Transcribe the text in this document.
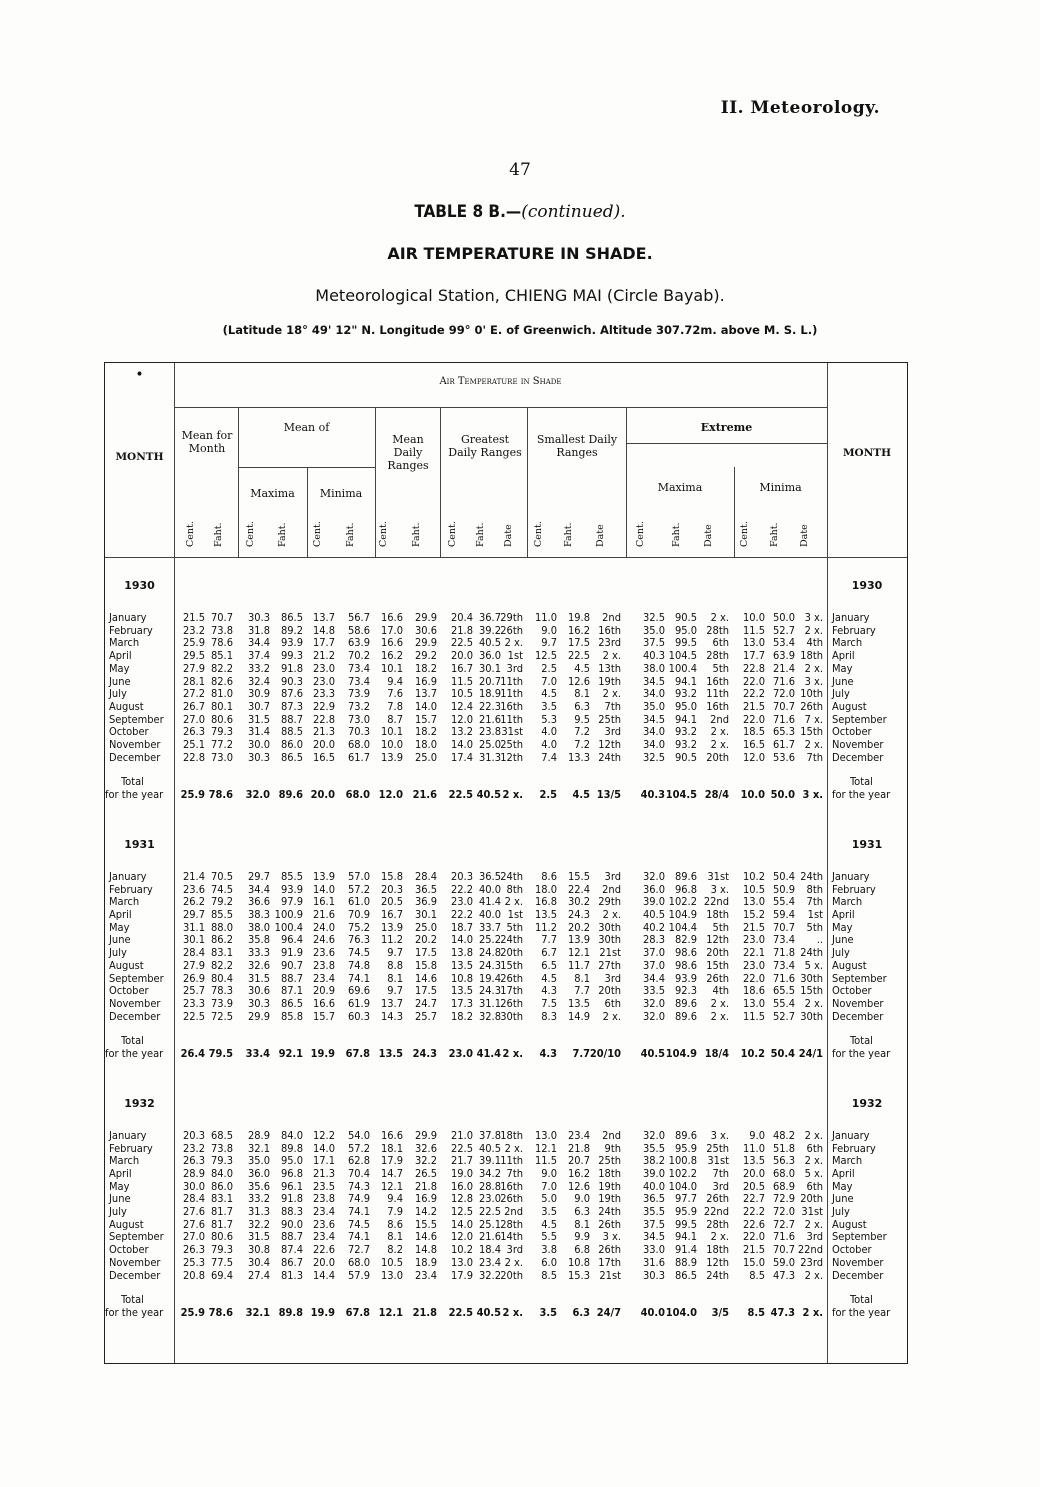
II. Meteorology.
47
TABLE 8 B.—(continued).
AIR TEMPERATURE IN SHADE.
Meteorological Station, CHIENG MAI (Circle Bayab).
(Latitude 18° 49' 12" N. Longitude 99° 0' E. of Greenwich. Altitude 307.72m. above M. S. L.)
•
MONTH	MONTH
Air Temperature in Shade
Mean for Month
Mean of
Maxima	Minima
Mean Daily Ranges
Greatest Daily Ranges
Smallest Daily Ranges
Extreme
Maxima	Minima
Cent. Faht. Cent. Faht.	Cent. Faht. Cent. Faht.	Cent. Faht. Date Cent. Faht. Date	Cent.	Faht. Date	Cent. Faht. Date
1930	1930
January	21.5 70.7 30.3 86.5 13.7 56.7 16.6 29.9 20.4 36.7 29th 11.0 19.8 2nd 32.5 90.5 2 x. 10.0 50.0 3 x. January
February	23.2 73.8 31.8 89.2 14.8 58.6 17.0 30.6 21.8 39.2 26th 9.0 16.2 16th 35.0 95.0 28th 11.5 52.7 2 x. February
March	25.9 78.6 34.4 93.9 17.7 63.9 16.6 29.9 22.5 40.5 2 x. 9.7 17.5 23rd 37.5 99.5 6th 13.0 53.4 4th March
April	29.5 85.1 37.4 99.3 21.2 70.2 16.2 29.2 20.0 36.0 1st 12.5 22.5 2 x. 40.3 104.5 28th 17.7 63.9 18th April
May	27.9 82.2 33.2 91.8 23.0 73.4 10.1 18.2 16.7 30.1 3rd 2.5 4.5 13th 38.0 100.4 5th 22.8 21.4 2 x. May
June	28.1 82.6 32.4 90.3 23.0 73.4 9.4 16.9 11.5 20.7 11th 7.0 12.6 19th 34.5 94.1 16th 22.0 71.6 3 x. June
July	27.2 81.0 30.9 87.6 23.3 73.9 7.6 13.7 10.5 18.9 11th 4.5 8.1 2 x. 34.0 93.2 11th 22.2 72.0 10th July
August	26.7 80.1 30.7 87.3 22.9 73.2 7.8 14.0 12.4 22.3 16th 3.5 6.3 7th 35.0 95.0 16th 21.5 70.7 26th August
September 27.0 80.6 31.5 88.7 22.8 73.0 8.7 15.7 12.0 21.6 11th 5.3 9.5 25th 34.5 94.1 2nd 22.0 71.6 7 x. September
October	26.3 79.3 31.4 88.5 21.3 70.3 10.1 18.2 13.2 23.8 31st 4.0 7.2 3rd 34.0 93.2 2 x. 18.5 65.3 15th October
November 25.1 77.2 30.0 86.0 20.0 68.0 10.0 18.0 14.0 25.0 25th 4.0 7.2 12th 34.0 93.2 2 x. 16.5 61.7 2 x. November
December 22.8 73.0 30.3 86.5 16.5 61.7 13.9 25.0 17.4 31.3 12th 7.4 13.3 24th 32.5 90.5 20th 12.0 53.6 7th December
Total	Total
for the year 25.9 78.6 32.0 89.6 20.0 68.0 12.0 21.6 22.5 40.5 2 x. 2.5 4.5 13/5 40.3 104.5 28/4 10.0 50.0 3 x. for the year
1931	1931
January	21.4 70.5 29.7 85.5 13.9 57.0 15.8 28.4 20.3 36.5 24th 8.6 15.5 3rd 32.0 89.6 31st 10.2 50.4 24th January
February	23.6 74.5 34.4 93.9 14.0 57.2 20.3 36.5 22.2 40.0 8th 18.0 22.4 2nd 36.0 96.8 3 x. 10.5 50.9 8th February
March	26.2 79.2 36.6 97.9 16.1 61.0 20.5 36.9 23.0 41.4 2 x. 16.8 30.2 29th 39.0 102.2 22nd 13.0 55.4 7th March
April	29.7 85.5 38.3 100.9 21.6 70.9 16.7 30.1 22.2 40.0 1st 13.5 24.3 2 x. 40.5 104.9 18th 15.2 59.4 1st April
May	31.1 88.0 38.0 100.4 24.0 75.2 13.9 25.0 18.7 33.7 5th 11.2 20.2 30th 40.2 104.4 5th 21.5 70.7 5th May
June	30.1 86.2 35.8 96.4 24.6 76.3 11.2 20.2 14.0 25.2 24th 7.7 13.9 30th 28.3 82.9 12th 23.0 73.4 .. June
July	28.4 83.1 33.3 91.9 23.6 74.5 9.7 17.5 13.8 24.8 20th 6.7 12.1 21st 37.0 98.6 20th 22.1 71.8 24th July
August	27.9 82.2 32.6 90.7 23.8 74.8 8.8 15.8 13.5 24.3 15th 6.5 11.7 27th 37.0 98.6 15th 23.0 73.4 5 x. August
September 26.9 80.4 31.5 88.7 23.4 74.1 8.1 14.6 10.8 19.4 26th 4.5 8.1 3rd 34.4 93.9 26th 22.0 71.6 30th September
October	25.7 78.3 30.6 87.1 20.9 69.6 9.7 17.5 13.5 24.3 17th 4.3 7.7 20th 33.5 92.3 4th 18.6 65.5 15th October
November 23.3 73.9 30.3 86.5 16.6 61.9 13.7 24.7 17.3 31.1 26th 7.5 13.5 6th 32.0 89.6 2 x. 13.0 55.4 2 x. November
December 22.5 72.5 29.9 85.8 15.7 60.3 14.3 25.7 18.2 32.8 30th 8.3 14.9 2 x. 32.0 89.6 2 x. 11.5 52.7 30th December
Total	Total
for the year 26.4 79.5 33.4 92.1 19.9 67.8 13.5 24.3 23.0 41.4 2 x. 4.3 7.7 20/10 40.5 104.9 18/4 10.2 50.4 24/1 for the year
1932	1932
January	20.3 68.5 28.9 84.0 12.2 54.0 16.6 29.9 21.0 37.8 18th 13.0 23.4 2nd 32.0 89.6 3 x. 9.0 48.2 2 x. January
February	23.2 73.8 32.1 89.8 14.0 57.2 18.1 32.6 22.5 40.5 2 x. 12.1 21.8 9th 35.5 95.9 25th 11.0 51.8 6th February
March	26.3 79.3 35.0 95.0 17.1 62.8 17.9 32.2 21.7 39.1 11th 11.5 20.7 25th 38.2 100.8 31st 13.5 56.3 2 x. March
April	28.9 84.0 36.0 96.8 21.3 70.4 14.7 26.5 19.0 34.2 7th 9.0 16.2 18th 39.0 102.2 7th 20.0 68.0 5 x. April
May	30.0 86.0 35.6 96.1 23.5 74.3 12.1 21.8 16.0 28.8 16th 7.0 12.6 19th 40.0 104.0 3rd 20.5 68.9 6th May
June	28.4 83.1 33.2 91.8 23.8 74.9 9.4 16.9 12.8 23.0 26th 5.0 9.0 19th 36.5 97.7 26th 22.7 72.9 20th June
July	27.6 81.7 31.3 88.3 23.4 74.1 7.9 14.2 12.5 22.5 2nd 3.5 6.3 24th 35.5 95.9 22nd 22.2 72.0 31st July
August	27.6 81.7 32.2 90.0 23.6 74.5 8.6 15.5 14.0 25.1 28th 4.5 8.1 26th 37.5 99.5 28th 22.6 72.7 2 x. August
September 27.0 80.6 31.5 88.7 23.4 74.1 8.1 14.6 12.0 21.6 14th 5.5 9.9 3 x. 34.5 94.1 2 x. 22.0 71.6 3rd September
October	26.3 79.3 30.8 87.4 22.6 72.7 8.2 14.8 10.2 18.4 3rd 3.8 6.8 26th 33.0 91.4 18th 21.5 70.7 22nd October
November 25.3 77.5 30.4 86.7 20.0 68.0 10.5 18.9 13.0 23.4 2 x. 6.0 10.8 17th 31.6 88.9 12th 15.0 59.0 23rd November
December 20.8 69.4 27.4 81.3 14.4 57.9 13.0 23.4 17.9 32.2 20th 8.5 15.3 21st 30.3 86.5 24th 8.5 47.3 2 x. December
Total	Total
for the year 25.9 78.6 32.1 89.8 19.9 67.8 12.1 21.8 22.5 40.5 2 x. 3.5 6.3 24/7 40.0 104.0 3/5 8.5 47.3 2 x. for the year
